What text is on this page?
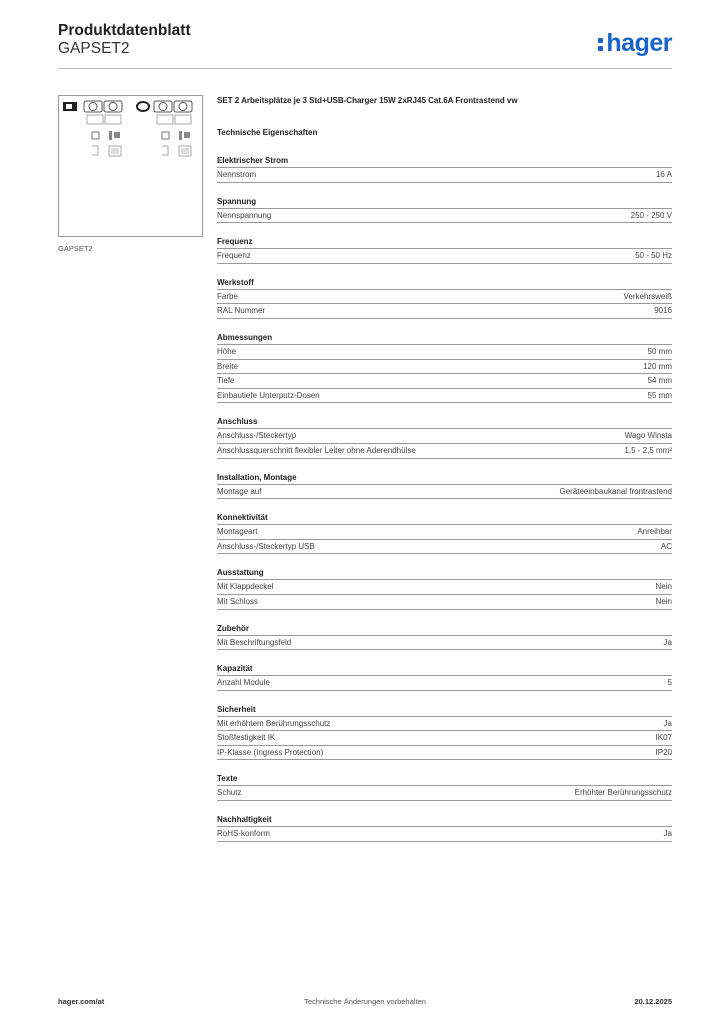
Produktdatenblatt
GAPSET2	hager
GAPSET2
SET 2 Arbeitsplätze je 3 Std+USB-Charger 15W 2xRJ45 Cat.6A Frontrastend vw
Technische Eigenschaften
Elektrischer Strom
Nennstrom	16 A
Spannung
Nennspannung	250 - 250 V
Frequenz
Frequenz	50 - 50 Hz
Werkstoff
Farbe	Verkehrsweiß
RAL Nummer	9016
Abmessungen
Höhe	50 mm
Breite	120 mm
Tiefe	54 mm
Einbautiefe Unterputz-Dosen	55 mm
Anschluss
Anschluss-/Steckertyp	Wago Winsta
Anschlussquerschnitt flexibler Leiter ohne Aderendhülse	1,5 - 2,5 mm²
Installation, Montage
Montage auf	Geräteeinbaukanal frontrastend
Konnektivität
Montageart	Anreihbar
Anschluss-/Steckertyp USB	AC
Ausstattung
Mit Klappdeckel	Nein
Mit Schloss	Nein
Zubehör
Mit Beschriftungsfeld	Ja
Kapazität
Anzahl Module	5
Sicherheit
Mit erhöhtem Berührungsschutz	Ja
Stoßfestigkeit IK	IK07
IP-Klasse (Ingress Protection)	IP20
Texte
Schutz	Erhöhter Berührungsschutz
Nachhaltigkeit
RoHS-konform	Ja
hager.com/at	Technische Änderungen vorbehalten	20.12.2025
